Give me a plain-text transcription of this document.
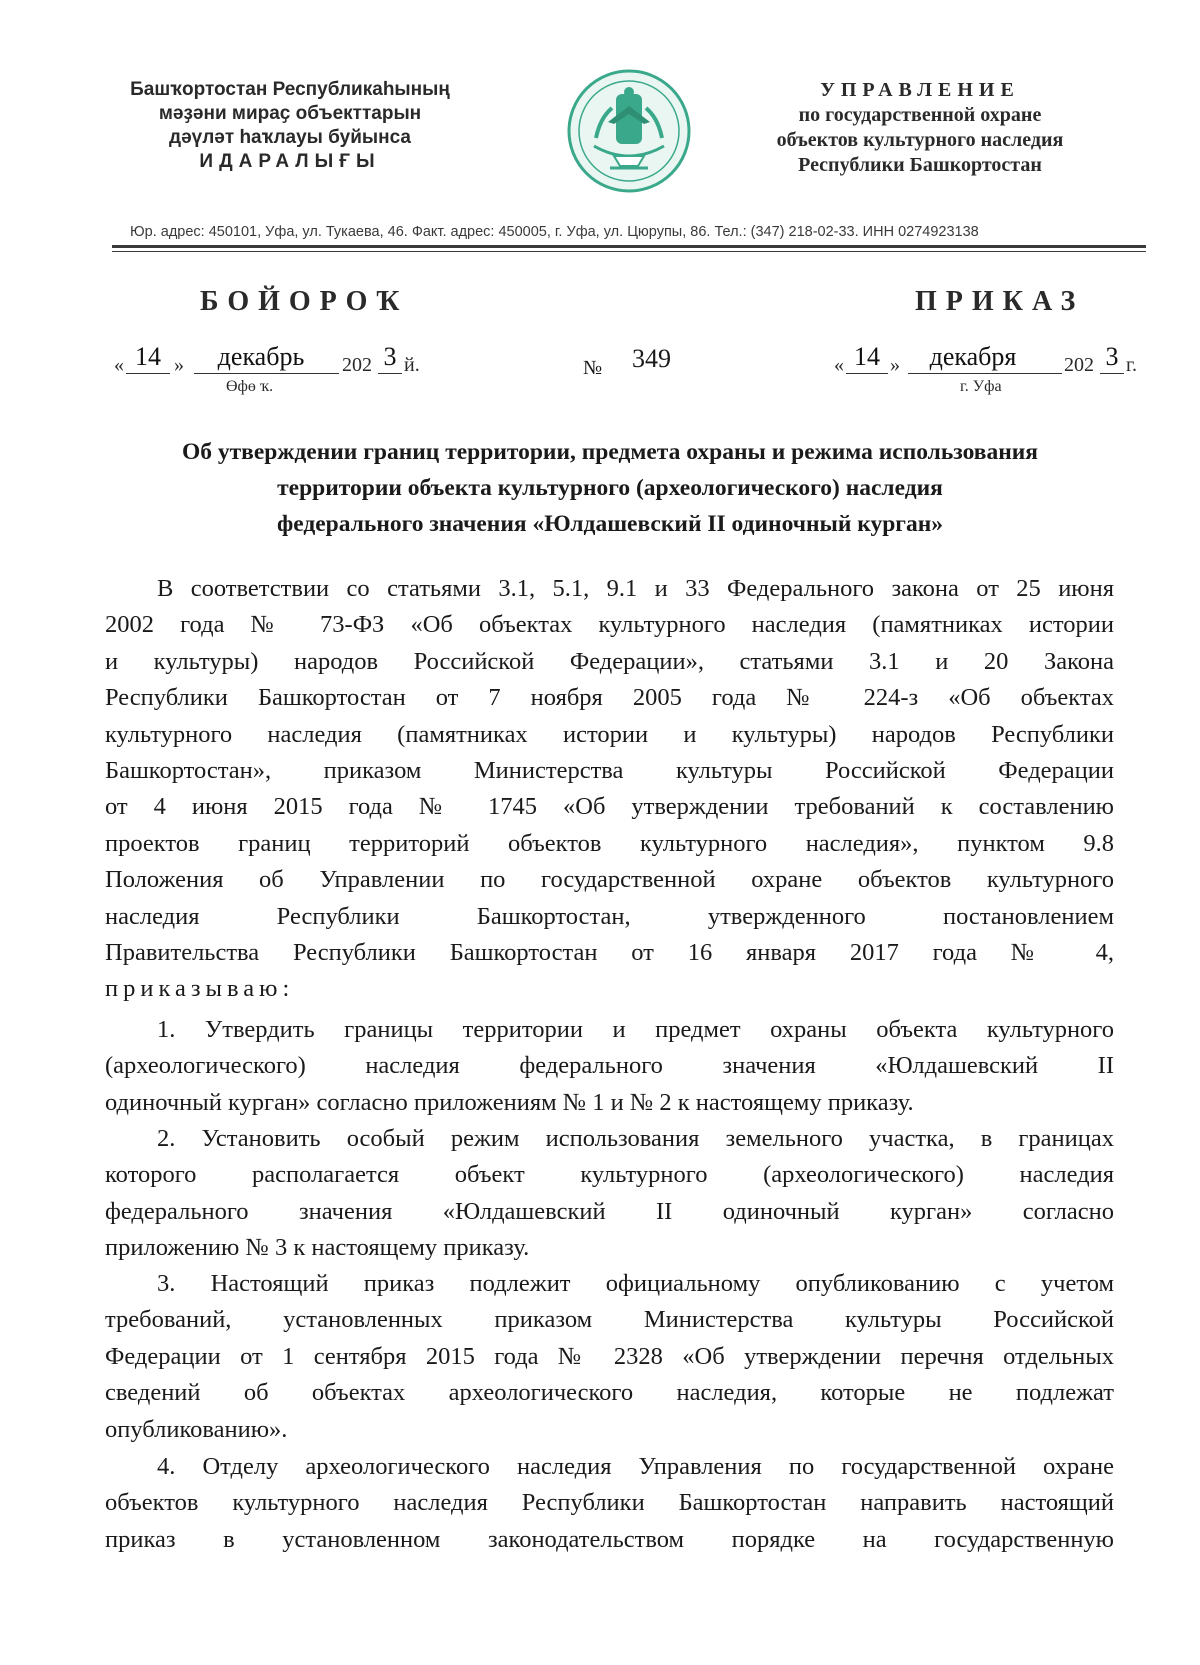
Башҡортостан Республикаһының
мәҙәни мираҫ объекттарын
дәүләт һаҡлауы буйынса
ИДАРАЛЫҒЫ
УПРАВЛЕНИЕ
по государственной охране
объектов культурного наследия
Республики Башкортостан
Юр. адрес: 450101, Уфа, ул. Тукаева, 46. Факт. адрес: 450005, г. Уфа, ул. Цюрупы, 86. Тел.: (347) 218-02-33. ИНН 0274923138
БОЙОРОҠ	ПРИКАЗ
« 14 »	декабрь	202 3 й.
Өфө ҡ.
№ 349	« 14 »	декабря	202 3 г.
г. Уфа
Об утверждении границ территории, предмета охраны и режима использования
территории объекта культурного (археологического) наследия
федерального значения «Юлдашевский II одиночный курган»
В соответствии со статьями 3.1, 5.1, 9.1 и 33 Федерального закона от 25 июня
2002 года № 73-ФЗ «Об объектах культурного наследия (памятниках истории
и культуры) народов Российской Федерации», статьями 3.1 и 20 Закона
Республики Башкортостан от 7 ноября 2005 года № 224-з «Об объектах
культурного наследия (памятниках истории и культуры) народов Республики
Башкортостан», приказом Министерства культуры Российской Федерации
от 4 июня 2015 года № 1745 «Об утверждении требований к составлению
проектов границ территорий объектов культурного наследия», пунктом 9.8
Положения об Управлении по государственной охране объектов культурного
наследия Республики Башкортостан, утвержденного постановлением
Правительства Республики Башкортостан от 16 января 2017 года № 4,
приказываю:
1. Утвердить границы территории и предмет охраны объекта культурного
(археологического) наследия федерального значения «Юлдашевский II
одиночный курган» согласно приложениям № 1 и № 2 к настоящему приказу.
2. Установить особый режим использования земельного участка, в границах
которого располагается объект культурного (археологического) наследия
федерального значения «Юлдашевский II одиночный курган» согласно
приложению № 3 к настоящему приказу.
3. Настоящий приказ подлежит официальному опубликованию с учетом
требований, установленных приказом Министерства культуры Российской
Федерации от 1 сентября 2015 года № 2328 «Об утверждении перечня отдельных
сведений об объектах археологического наследия, которые не подлежат
опубликованию».
4. Отделу археологического наследия Управления по государственной охране
объектов культурного наследия Республики Башкортостан направить настоящий
приказ в установленном законодательством порядке на государственную
